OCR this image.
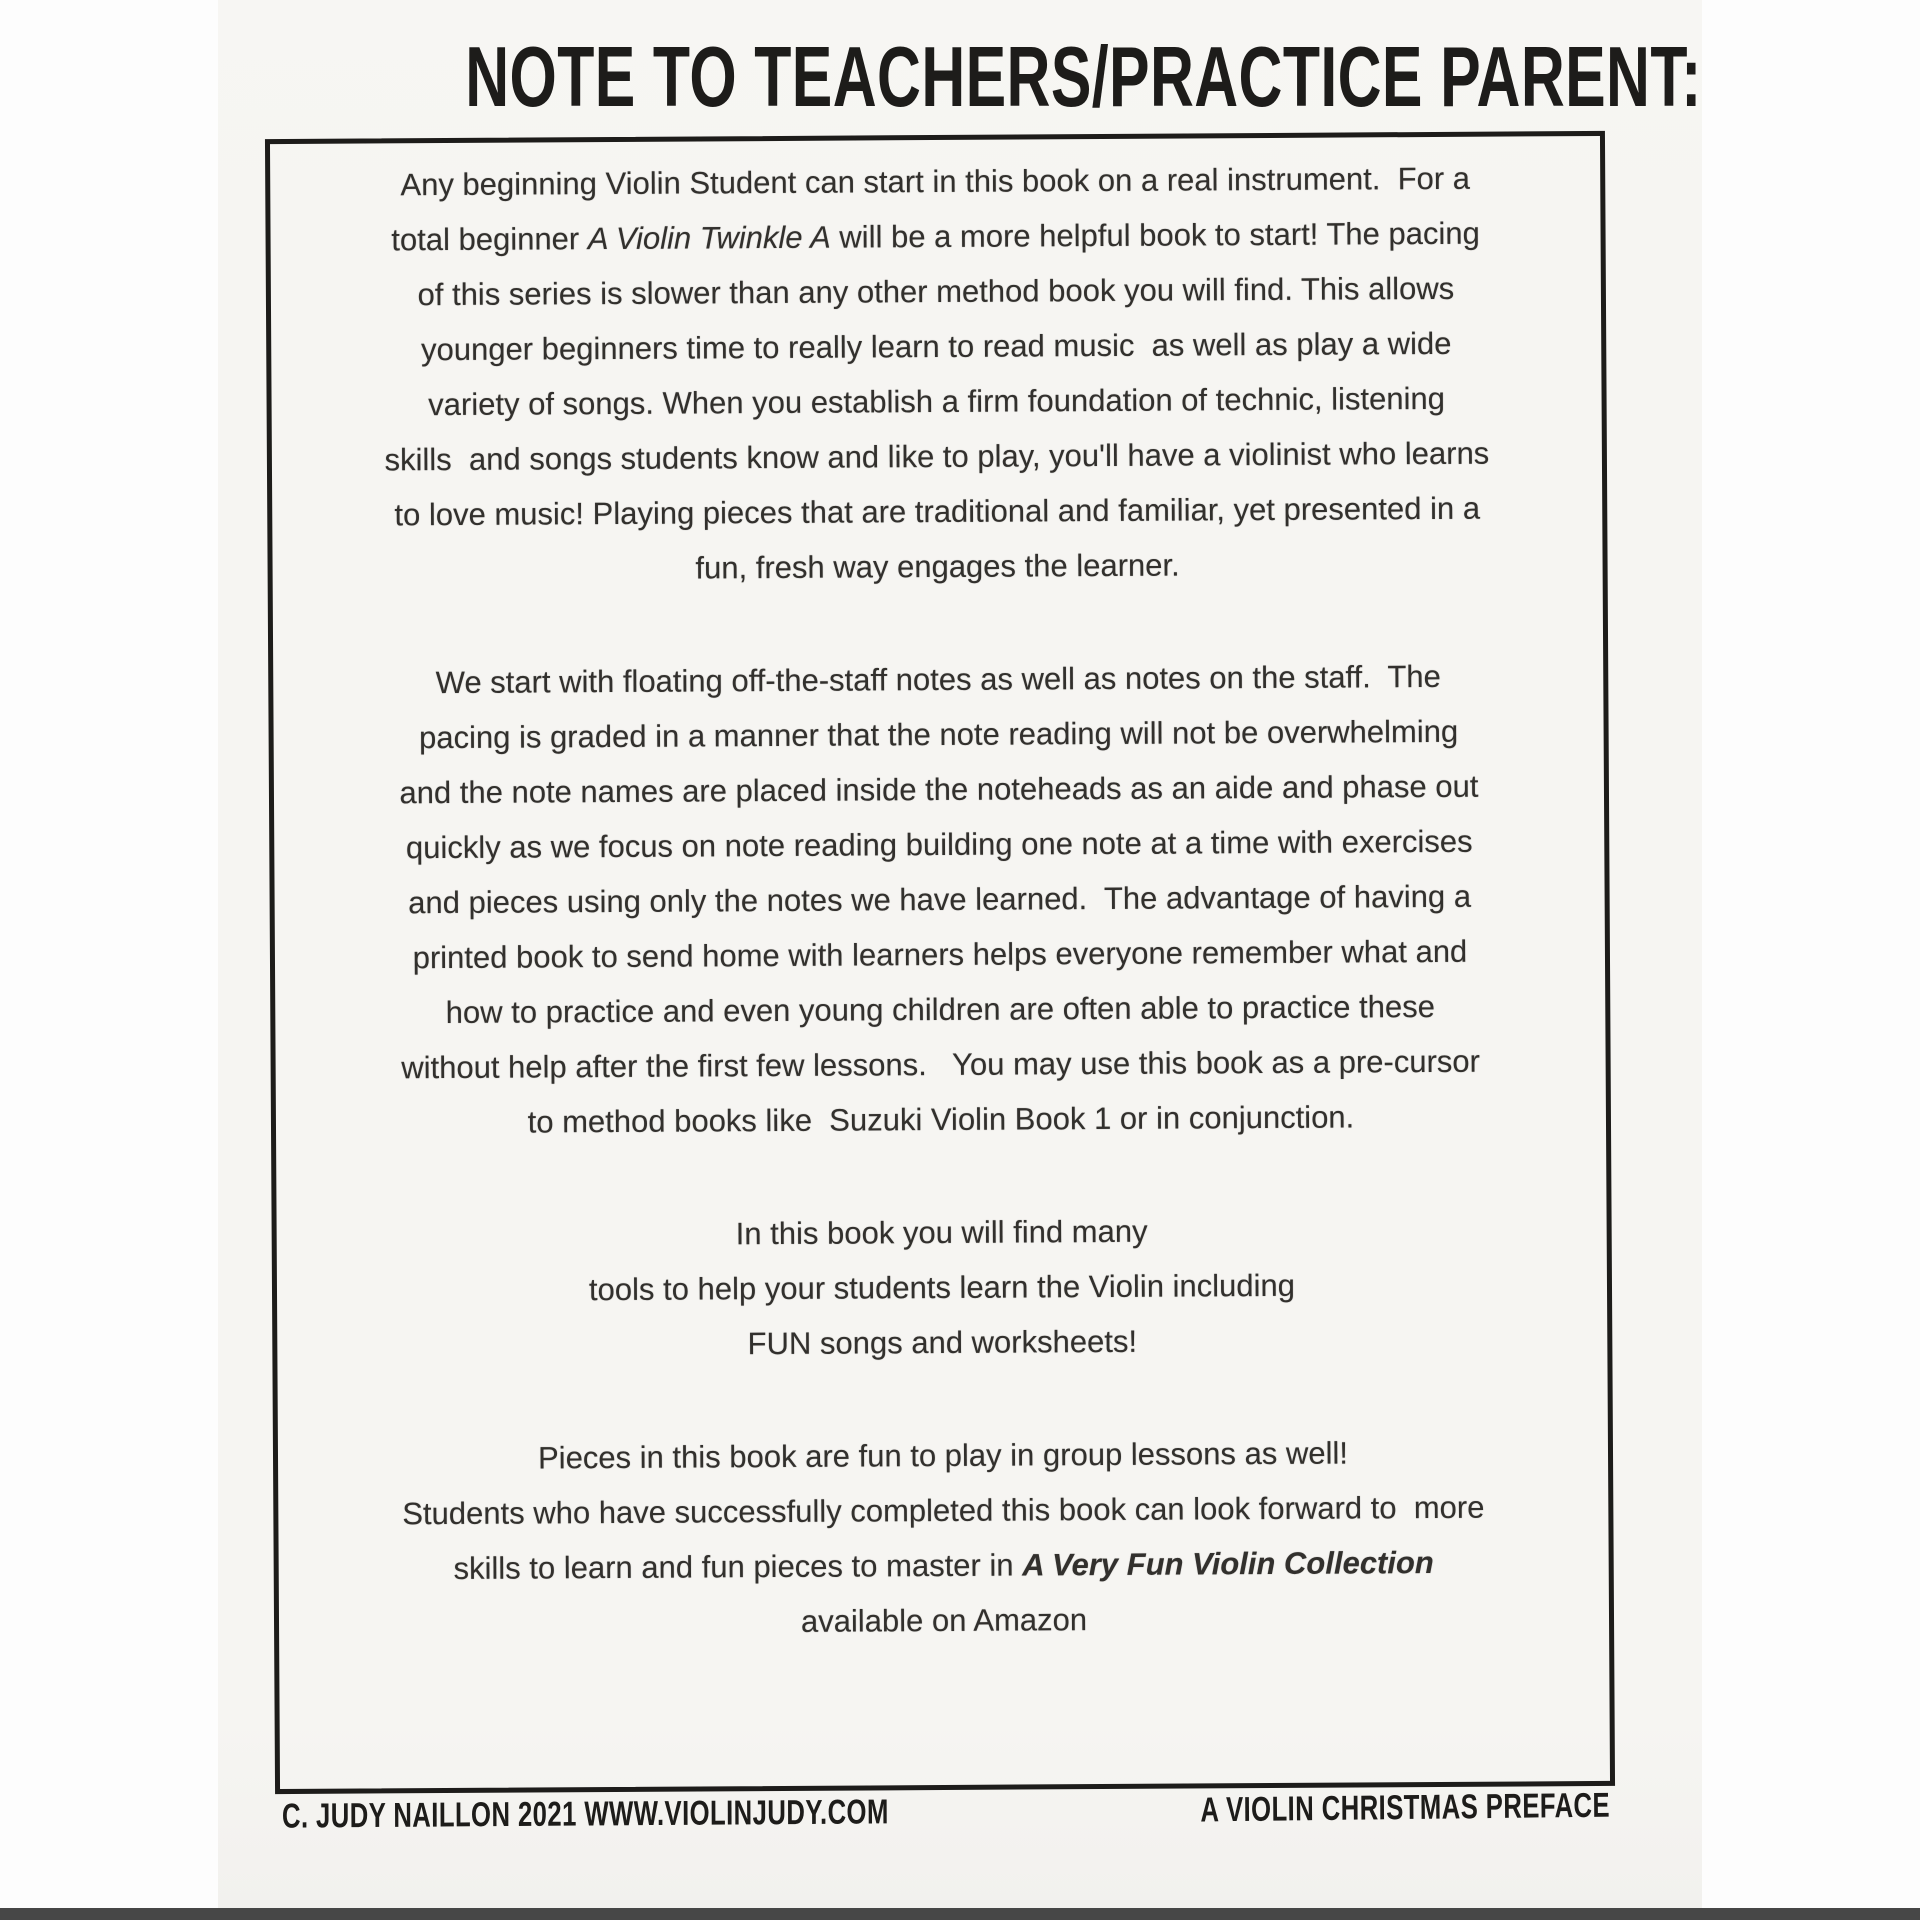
NOTE TO TEACHERS/PRACTICE PARENT:
Any beginning Violin Student can start in this book on a real instrument.  For a
total beginner A Violin Twinkle A will be a more helpful book to start! The pacing
of this series is slower than any other method book you will find. This allows
younger beginners time to really learn to read music  as well as play a wide
variety of songs. When you establish a firm foundation of technic, listening
skills  and songs students know and like to play, you'll have a violinist who learns
to love music! Playing pieces that are traditional and familiar, yet presented in a
fun, fresh way engages the learner.
We start with floating off-the-staff notes as well as notes on the staff.  The
pacing is graded in a manner that the note reading will not be overwhelming
and the note names are placed inside the noteheads as an aide and phase out
quickly as we focus on note reading building one note at a time with exercises
and pieces using only the notes we have learned.  The advantage of having a
printed book to send home with learners helps everyone remember what and
how to practice and even young children are often able to practice these
without help after the first few lessons.   You may use this book as a pre-cursor
to method books like  Suzuki Violin Book 1 or in conjunction.
In this book you will find many
tools to help your students learn the Violin including
FUN songs and worksheets!
Pieces in this book are fun to play in group lessons as well!
Students who have successfully completed this book can look forward to  more
skills to learn and fun pieces to master in A Very Fun Violin Collection
available on Amazon
C. JUDY NAILLON 2021 WWW.VIOLINJUDY.COM	A VIOLIN CHRISTMAS PREFACE
